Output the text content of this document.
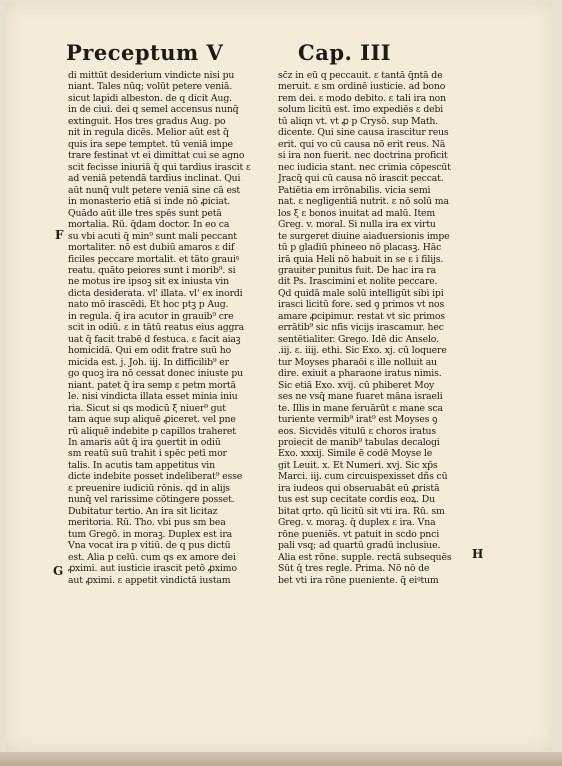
Preceptum V	Cap. III
F
G
H
di mittūt desiderium vindicte nisi pu
niant. Tales nūq; volūt petere veniā.
sicut lapidi albeston. de q dicit Aug.
in de ciui. dei q semel accensus nunq̄
extinguit. Hos tres gradus Aug. po
nit in regula dicēs. Melior aūt est q̄
quis ira sepe temptet. tū veniā impe
trare festinat vt ei dimittat cui se agno
scit fecisse iniuriā q̄ qui tardius irascit ε
ad veniā petendā tardius inclinat. Qui
aūt nunq̄ vult petere veniā sine cā est
in monasterio etiā si inde nō ꝓiciat.
Quādo aūt ille tres spēs sunt petā
mortalia. Rū. q̄dam doctor. In eo ca
su vbi acuti q̄ min⁹ sunt mali peccant
mortaliter. nō est dubiū amaros ε dif
ficiles peccare mortalit. et tāto grauiꝰ
reatu. quāto peiores sunt i morib⁹. si
ne motus ire ipsoꝫ sit ex iniusta vin
dicta desiderata. vl' illata. vl' ex inordi
nato mō irascēdi. Et hoc ptꝫ p Aug.
in regula. q̄ ira acutor in grauib⁹ cre
scit in odiū. ε in tātū reatus eius aggra
uat q̄ facit trabē d festuca. ε facit aiaꝫ
homicidā. Qui em odit fratre suū ho
micida est. j. Joh. iij. In difficilib⁹ er
go quoꝫ ira nō cessat donec iniuste pu
niant. patet q̄ ira semp ε petm mortā
le. nisi vindicta illata esset minia iniu
ria. Sicut si qs modicū ξ niuer⁹ gut
tam aque sup aliquē ꝓiceret. vel pne
rū aliquē indebite p capillos traheret
In amaris aūt q̄ ira ꝯuertit in odiū
sm reatū suū trahit i spēc petī mor
talis. In acutis tam appetitus vin
dicte indebite posset indeliberat⁹ esse
ε preuenire iudiciū rōnis. qd in alijs
nunq̄ vel rarissime cōtingere posset.
Dubitatur tertio. An ira sit licitaz
meritoria. Rū. Tho. vbi pus sm bea
tum Gregō. in moraꝫ. Duplex est ira
Vna vocat ira p vitiū. de q pus dictū
est. Alia p celū. cum qs ex amore dei
ꝓximi. aut iusticie irascit petō ꝓximo
aut ꝓximi. ε appetit vindictā iustam
sc̄z in eū q peccauit. ε tantā q̄ntā de
meruit. ε sm ordinē iusticie. ad bono
rem dei. ε modo debito. ε tali ira non
solum licitū est. īmo expediēs ε debi
tū aliqn vt. vt ꝓ p Crysō. sup Math.
dicente. Qui sine causa irascitur reus
erit. qui vo cū causa nō erit reus. Nā
si ira non fuerit. nec doctrina proficit
nec iudicia stant. nec crimia cōpescūt
Jracq̄ qui cū causa nō irascit peccat.
Patiētia em irrōnabilis. vicia semi
nat. ε negligentiā nutrit. ε nō solū ma
los ξ ε bonos inuitat ad malū. Item
Greg. v. moral. Si nulla ira ex virtu
te surgeret diuine aiaduersionis impe
tū p gladiū phineeo nō placasꝫ. Hāc
irā quia Heli nō habuit in se ε i filijs.
grauiter punitus fuit. De hac ira ra
dit Ps. Irascimini et nolite peccare.
Qd quidā male solū intelligūt sibi ipi
irasci licitū fore. sed ꝯ primos vt nos
amare ꝓcipimur. restat vt sic primos
errātib⁹ sic nfis vicijs irascamur. hec
sentētialiter. Grego. Idē dic Anselo.
.iij. ε. iiij. ethi. Sic Exo. xj. cū loquere
tur Moyses pharaōi ε ille nolluit au
dire. exiuit a pharaone iratus nimis.
Sic etiā Exo. xvij. cū phiberet Moy
ses ne vsq̄ mane fuaret māna israeli
te. Illis in mane feruārūt ε mane sca
turiente vermib⁹ irat⁹ est Moyses ꝯ
eos. Sicvidēs vitulū ε choros iratus
proiecit de manib⁹ tabulas decalogi
Exo. xxxij. Simile ē codē Moyse le
git Leuit. x. Et Numeri. xvj. Sic xp̄s
Marci. iij. cum circuispexisset dñs cū
ira iudeos qui obseruabāt eū ꝓristā
tus est sup cecitate cordis eoꝝ. Du
bitat qrto. qū licitū sit vti ira. Rū. sm
Greg. v. moraꝫ. q̄ duplex ε ira. Vna
rōne pueniēs. vt patuit in scdo pnci
pali vsq; ad quartū gradū inclusiue.
Alia est rōne. supple. rectā subsequēs
Sūt q̄ tres regle. Prima. Nō nō de
bet vti ira rōne pueniente. q̄ eiꝰtum
